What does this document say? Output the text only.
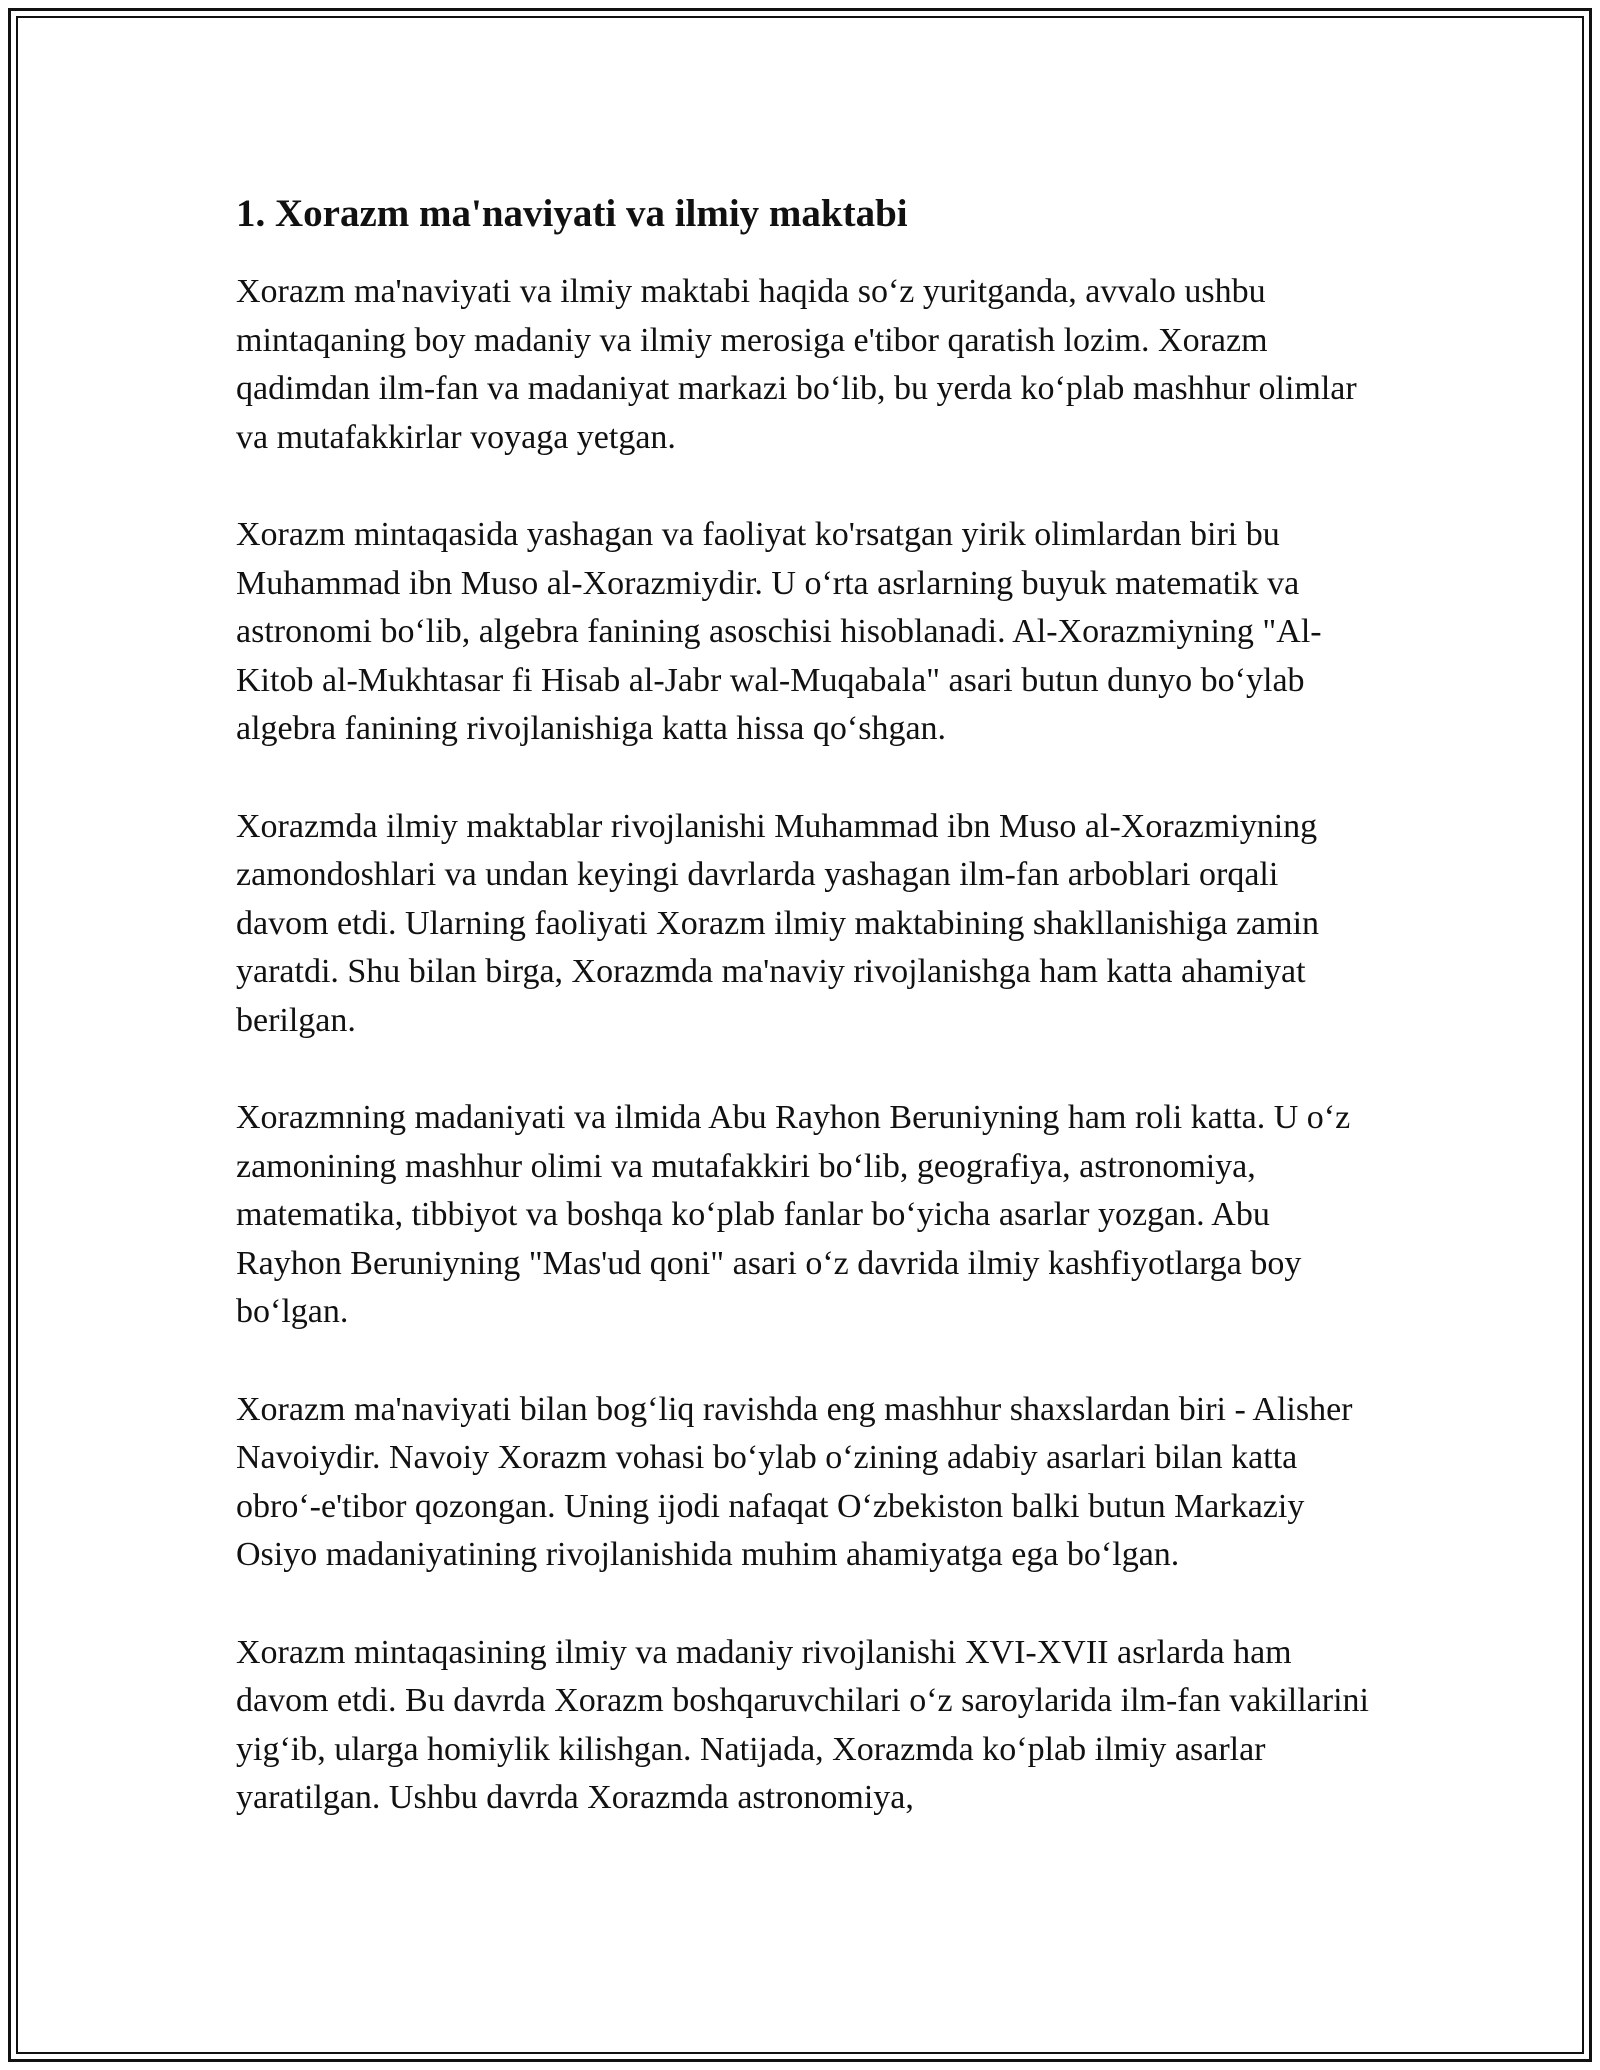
1. Xorazm ma'naviyati va ilmiy maktabi

Xorazm ma'naviyati va ilmiy maktabi haqida so‘z yuritganda, avvalo ushbu mintaqaning boy madaniy va ilmiy merosiga e'tibor qaratish lozim. Xorazm qadimdan ilm-fan va madaniyat markazi bo‘lib, bu yerda ko‘plab mashhur olimlar va mutafakkirlar voyaga yetgan.

Xorazm mintaqasida yashagan va faoliyat ko'rsatgan yirik olimlardan biri bu Muhammad ibn Muso al-Xorazmiydir. U o‘rta asrlarning buyuk matematik va astronomi bo‘lib, algebra fanining asoschisi hisoblanadi. Al-Xorazmiyning "Al-Kitob al-Mukhtasar fi Hisab al-Jabr wal-Muqabala" asari butun dunyo bo‘ylab algebra fanining rivojlanishiga katta hissa qo‘shgan.

Xorazmda ilmiy maktablar rivojlanishi Muhammad ibn Muso al-Xorazmiyning zamondoshlari va undan keyingi davrlarda yashagan ilm-fan arboblari orqali davom etdi. Ularning faoliyati Xorazm ilmiy maktabining shakllanishiga zamin yaratdi. Shu bilan birga, Xorazmda ma'naviy rivojlanishga ham katta ahamiyat berilgan.

Xorazmning madaniyati va ilmida Abu Rayhon Beruniyning ham roli katta. U o‘z zamonining mashhur olimi va mutafakkiri bo‘lib, geografiya, astronomiya, matematika, tibbiyot va boshqa ko‘plab fanlar bo‘yicha asarlar yozgan. Abu Rayhon Beruniyning "Mas'ud qoni" asari o‘z davrida ilmiy kashfiyotlarga boy bo‘lgan.

Xorazm ma'naviyati bilan bog‘liq ravishda eng mashhur shaxslardan biri - Alisher Navoiydir. Navoiy Xorazm vohasi bo‘ylab o‘zining adabiy asarlari bilan katta obro‘-e'tibor qozongan. Uning ijodi nafaqat O‘zbekiston balki butun Markaziy Osiyo madaniyatining rivojlanishida muhim ahamiyatga ega bo‘lgan.

Xorazm mintaqasining ilmiy va madaniy rivojlanishi XVI-XVII asrlarda ham davom etdi. Bu davrda Xorazm boshqaruvchilari o‘z saroylarida ilm-fan vakillarini yig‘ib, ularga homiylik kilishgan. Natijada, Xorazmda ko‘plab ilmiy asarlar yaratilgan. Ushbu davrda Xorazmda astronomiya,
